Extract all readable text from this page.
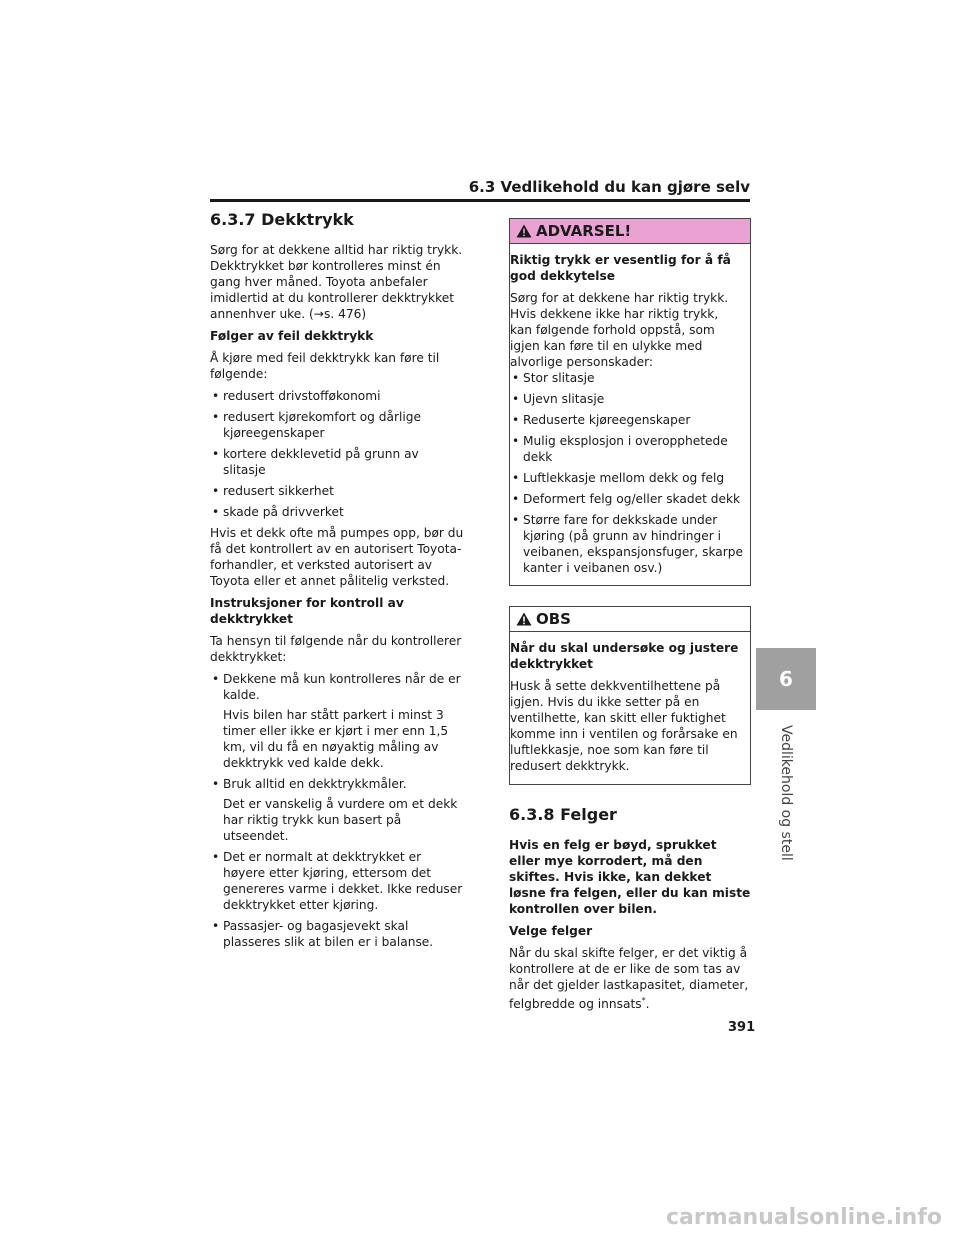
6.3 Vedlikehold du kan gjøre selv
6.3.7 Dekktrykk

Sørg for at dekkene alltid har riktig trykk. Dekktrykket bør kontrolleres minst én gang hver måned. Toyota anbefaler imidlertid at du kontrollerer dekktrykket annenhver uke. (→s. 476)

Følger av feil dekktrykk

Å kjøre med feil dekktrykk kan føre til følgende:

• redusert drivstofføkonomi
• redusert kjørekomfort og dårlige kjøreegenskaper
• kortere dekklevetid på grunn av slitasje
• redusert sikkerhet
• skade på drivverket

Hvis et dekk ofte må pumpes opp, bør du få det kontrollert av en autorisert Toyota-forhandler, et verksted autorisert av Toyota eller et annet pålitelig verksted.

Instruksjoner for kontroll av dekktrykket

Ta hensyn til følgende når du kontrollerer dekktrykket:

• Dekkene må kun kontrolleres når de er kalde.

Hvis bilen har stått parkert i minst 3 timer eller ikke er kjørt i mer enn 1,5 km, vil du få en nøyaktig måling av dekktrykk ved kalde dekk.

• Bruk alltid en dekktrykkmåler.

Det er vanskelig å vurdere om et dekk har riktig trykk kun basert på utseendet.

• Det er normalt at dekktrykket er høyere etter kjøring, ettersom det genereres varme i dekket. Ikke reduser dekktrykket etter kjøring.

• Passasjer- og bagasjevekt skal plasseres slik at bilen er i balanse.

ADVARSEL!

Riktig trykk er vesentlig for å få god dekkytelse

Sørg for at dekkene har riktig trykk. Hvis dekkene ikke har riktig trykk, kan følgende forhold oppstå, som igjen kan føre til en ulykke med alvorlige personskader:

• Stor slitasje
• Ujevn slitasje
• Reduserte kjøreegenskaper
• Mulig eksplosjon i overopphetede dekk
• Luftlekkasje mellom dekk og felg
• Deformert felg og/eller skadet dekk
• Større fare for dekkskade under kjøring (på grunn av hindringer i veibanen, ekspansjonsfuger, skarpe kanter i veibanen osv.)
OBS

Når du skal undersøke og justere dekktrykket

Husk å sette dekkventilhettene på igjen. Hvis du ikke setter på en ventilhette, kan skitt eller fuktighet komme inn i ventilen og forårsake en luftlekkasje, noe som kan føre til redusert dekktrykk.

6.3.8 Felger

Hvis en felg er bøyd, sprukket eller mye korrodert, må den skiftes. Hvis ikke, kan dekket løsne fra felgen, eller du kan miste kontrollen over bilen.

Velge felger

Når du skal skifte felger, er det viktig å kontrollere at de er like de som tas av når det gjelder lastkapasitet, diameter, felgbredde og innsats*.

6
Vedlikehold og stell
391
carmanualsonline.info
